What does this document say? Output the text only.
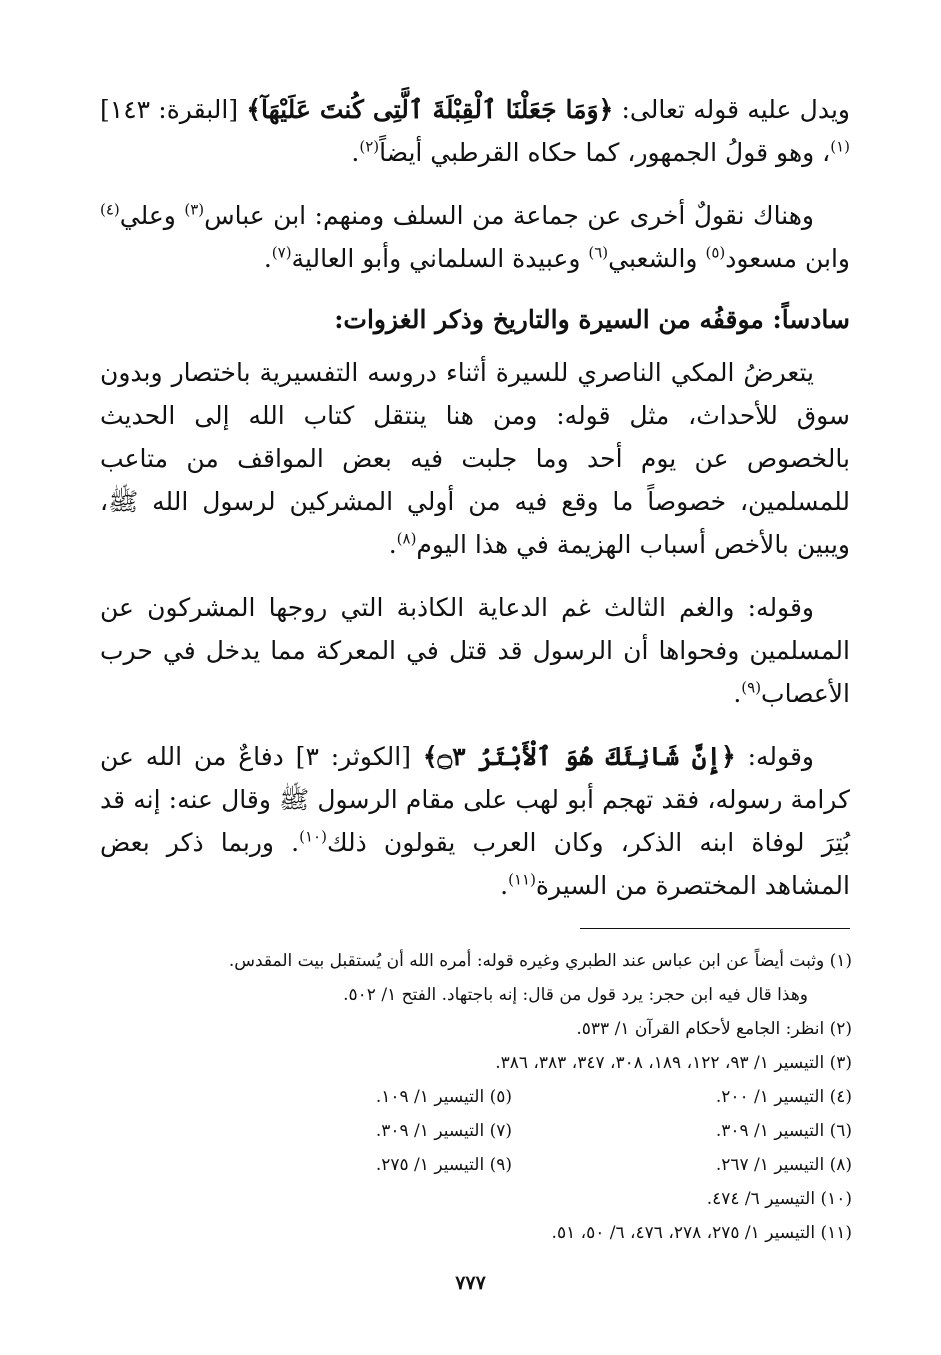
ويدل عليه قوله تعالى: ﴿وَمَا جَعَلْنَا ٱلْقِبْلَةَ ٱلَّتِى كُنتَ عَلَيْهَآ﴾ [البقرة: ١٤٣]$^{(١)}$، وهو قولُ الجمهور، كما حكاه القرطبي أيضاً$^{(٢)}$.

وهناك نقولٌ أخرى عن جماعة من السلف ومنهم: ابن عباس$^{(٣)}$ وعلي$^{(٤)}$ وابن مسعود$^{(٥)}$ والشعبي$^{(٦)}$ وعبيدة السلماني وأبو العالية$^{(٧)}$.

سادساً: موقفُه من السيرة والتاريخ وذكر الغزوات:

يتعرضُ المكي الناصري للسيرة أثناء دروسه التفسيرية باختصار وبدون سوق للأحداث، مثل قوله: ومن هنا ينتقل كتاب الله إلى الحديث بالخصوص عن يوم أحد وما جلبت فيه بعض المواقف من متاعب للمسلمين، خصوصاً ما وقع فيه من أولي المشركين لرسول الله ﷺ، ويبين بالأخص أسباب الهزيمة في هذا اليوم$^{(٨)}$.

وقوله: والغم الثالث غم الدعاية الكاذبة التي روجها المشركون عن المسلمين وفحواها أن الرسول قد قتل في المعركة مما يدخل في حرب الأعصاب$^{(٩)}$.

وقوله: ﴿إِنَّ شَانِئَكَ هُوَ ٱلْأَبْتَرُ ۝٣﴾ [الكوثر: ٣] دفاعٌ من الله عن كرامة رسوله، فقد تهجم أبو لهب على مقام الرسول ﷺ وقال عنه: إنه قد بُتِرَ لوفاة ابنه الذكر، وكان العرب يقولون ذلك$^{(١٠)}$. وربما ذكر بعض المشاهد المختصرة من السيرة$^{(١١)}$.

(١) وثبت أيضاً عن ابن عباس عند الطبري وغيره قوله: أمره الله أن يُستقبل بيت المقدس.
وهذا قال فيه ابن حجر: يرد قول من قال: إنه باجتهاد. الفتح ١/ ٥٠٢.
(٢) انظر: الجامع لأحكام القرآن ١/ ٥٣٣.
(٣) التيسير ١/ ٩٣، ١٢٢، ١٨٩، ٣٠٨، ٣٤٧، ٣٨٣، ٣٨٦.
(٤) التيسير ١/ ٢٠٠.
(٥) التيسير ١/ ١٠٩.
(٦) التيسير ١/ ٣٠٩.
(٧) التيسير ١/ ٣٠٩.
(٨) التيسير ١/ ٢٦٧.
(٩) التيسير ١/ ٢٧٥.
(١٠) التيسير ٦/ ٤٧٤.
(١١) التيسير ١/ ٢٧٥، ٢٧٨، ٤٧٦، ٦/ ٥٠، ٥١.
٧٧٧
